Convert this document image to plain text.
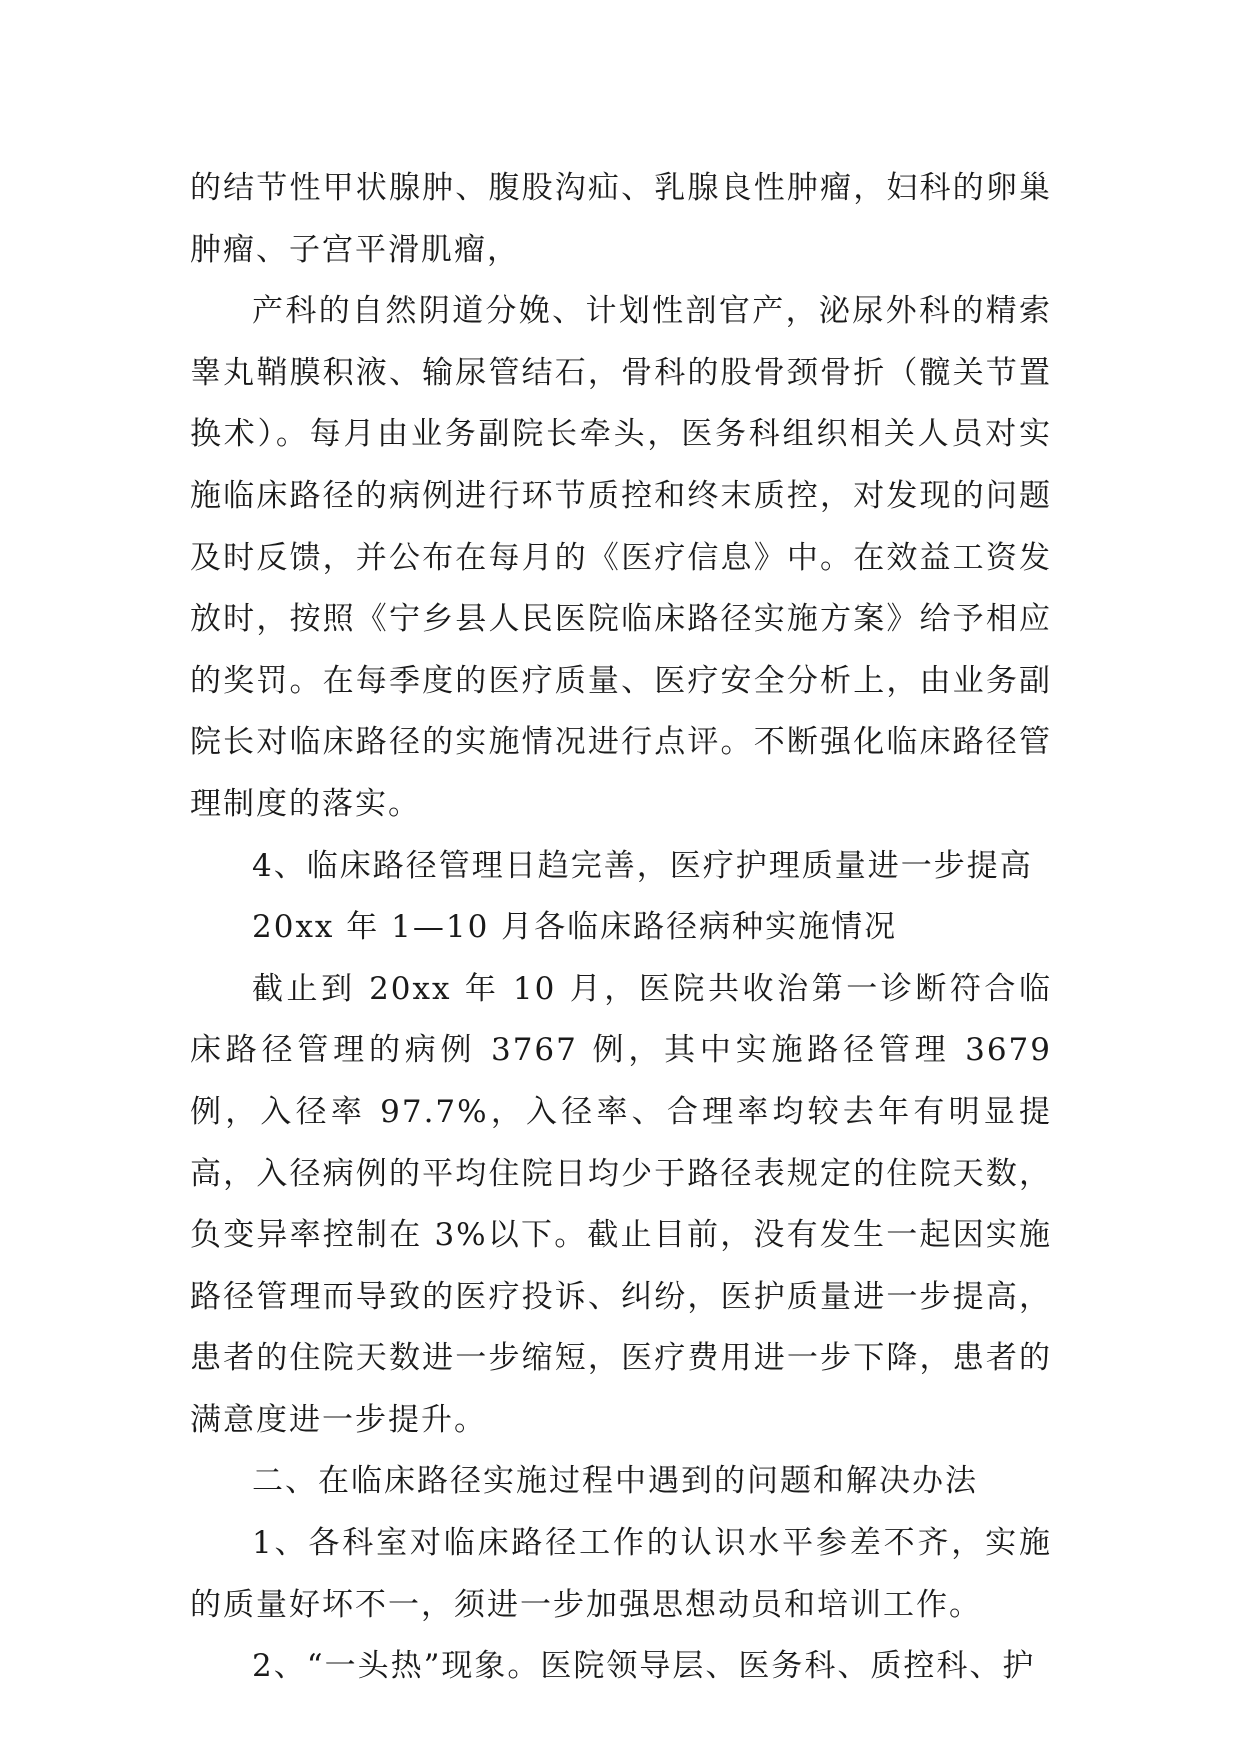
的结节性甲状腺肿、腹股沟疝、乳腺良性肿瘤，妇科的卵巢肿瘤、子宫平滑肌瘤，

产科的自然阴道分娩、计划性剖官产，泌尿外科的精索睾丸鞘膜积液、输尿管结石，骨科的股骨颈骨折（髋关节置换术）。每月由业务副院长牵头，医务科组织相关人员对实施临床路径的病例进行环节质控和终末质控，对发现的问题及时反馈，并公布在每月的《医疗信息》中。在效益工资发放时，按照《宁乡县人民医院临床路径实施方案》给予相应的奖罚。在每季度的医疗质量、医疗安全分析上，由业务副院长对临床路径的实施情况进行点评。不断强化临床路径管理制度的落实。

4、临床路径管理日趋完善，医疗护理质量进一步提高

20xx 年 1—10 月各临床路径病种实施情况

截止到 20xx 年 10 月，医院共收治第一诊断符合临床路径管理的病例 3767 例，其中实施路径管理 3679 例，入径率 97.7%，入径率、合理率均较去年有明显提高，入径病例的平均住院日均少于路径表规定的住院天数，负变异率控制在 3%以下。截止目前，没有发生一起因实施路径管理而导致的医疗投诉、纠纷，医护质量进一步提高，患者的住院天数进一步缩短，医疗费用进一步下降，患者的满意度进一步提升。

二、在临床路径实施过程中遇到的问题和解决办法

1、各科室对临床路径工作的认识水平参差不齐，实施的质量好坏不一，须进一步加强思想动员和培训工作。

2、“一头热”现象。医院领导层、医务科、质控科、护
